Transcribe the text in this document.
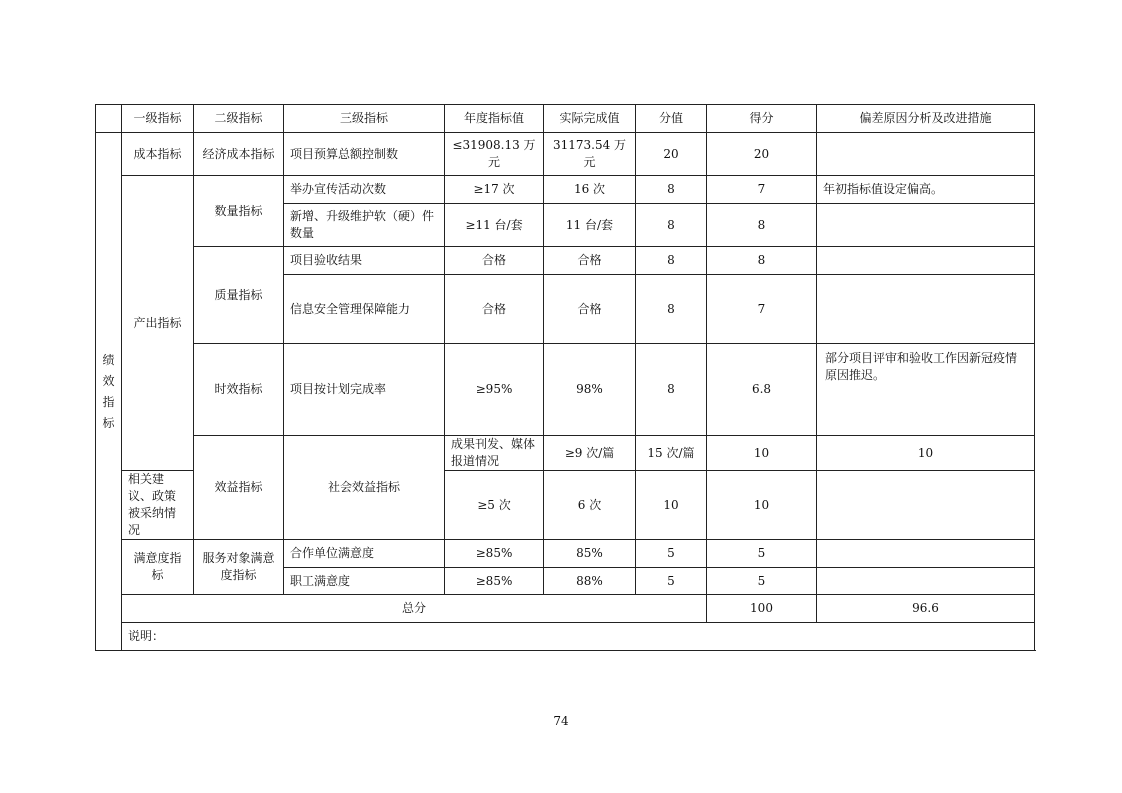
	一级指标	二级指标	三级指标	年度指标值	实际完成值	分值	得分	偏差原因分析及改进措施	
绩效指标	成本指标	经济成本指标	项目预算总额控制数	≤31908.13 万元	31173.54 万元	20	20		
	产出指标	数量指标	举办宣传活动次数	≥17 次	16 次	8	7	年初指标值设定偏高。	
			新增、升级维护软（硬）件数量	≥11 台/套	11 台/套	8	8		
		质量指标	项目验收结果	合格	合格	8	8		
			信息安全管理保障能力	合格	合格	8	7		
		时效指标	项目按计划完成率	≥95%	98%	8	6.8	部分项目评审和验收工作因新冠疫情原因推迟。	
		效益指标	社会效益指标	成果刊发、媒体报道情况	≥9 次/篇	15 次/篇	10	10	
	相关建议、政策被采纳情况			≥5 次	6 次	10	10		
	满意度指标	服务对象满意度指标	合作单位满意度	≥85%	85%	5	5		
			职工满意度	≥85%	88%	5	5		
	总分						100	96.6	
	说明：								
74
